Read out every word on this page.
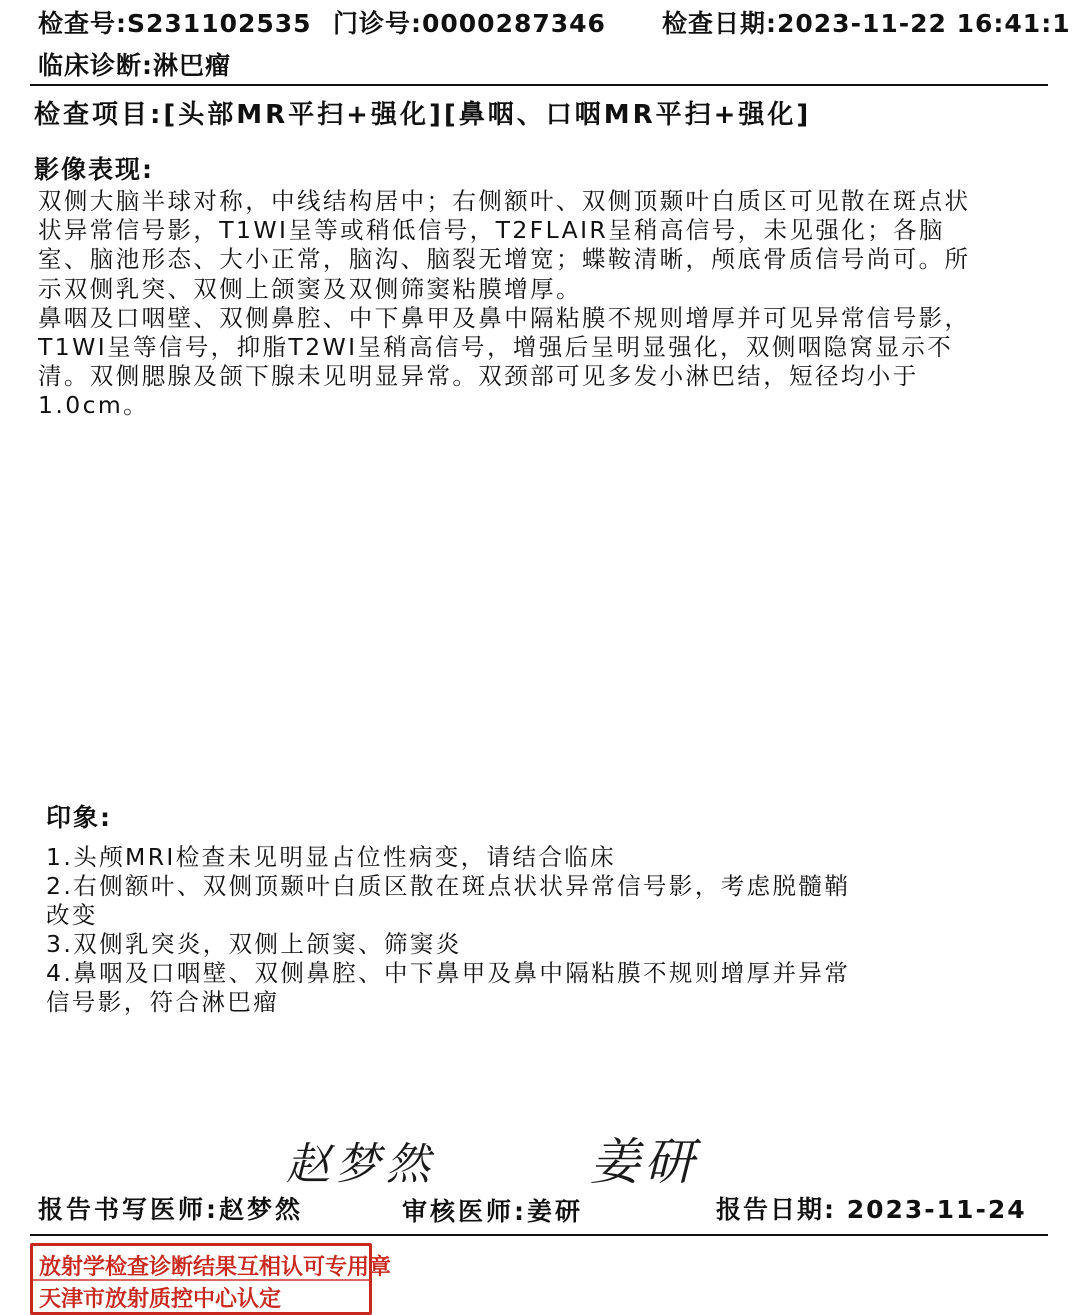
检查号:S231102535 门诊号:0000287346 检查日期:2023-11-22 16:41:1
临床诊断:淋巴瘤
检查项目:[头部MR平扫+强化][鼻咽、口咽MR平扫+强化]
影像表现:

双侧大脑半球对称，中线结构居中；右侧额叶、双侧顶颞叶白质区可见散在斑点状状异常信号影，T1WI呈等或稍低信号，T2FLAIR呈稍高信号，未见强化；各脑室、脑池形态、大小正常，脑沟、脑裂无增宽；蝶鞍清晰，颅底骨质信号尚可。所示双侧乳突、双侧上颌窦及双侧筛窦粘膜增厚。

鼻咽及口咽壁、双侧鼻腔、中下鼻甲及鼻中隔粘膜不规则增厚并可见异常信号影，T1WI呈等信号，抑脂T2WI呈稍高信号，增强后呈明显强化，双侧咽隐窝显示不清。双侧腮腺及颌下腺未见明显异常。双颈部可见多发小淋巴结，短径均小于1.0cm。

印象:
1.头颅MRI检查未见明显占位性病变，请结合临床
2.右侧额叶、双侧顶颞叶白质区散在斑点状状异常信号影，考虑脱髓鞘
改变
3.双侧乳突炎，双侧上颌窦、筛窦炎
4.鼻咽及口咽壁、双侧鼻腔、中下鼻甲及鼻中隔粘膜不规则增厚并异常
信号影，符合淋巴瘤
赵梦然	姜研
报告书写医师:赵梦然	审核医师:姜研	报告日期: 2023-11-24
放射学检查诊断结果互相认可专用章
天津市放射质控中心认定
